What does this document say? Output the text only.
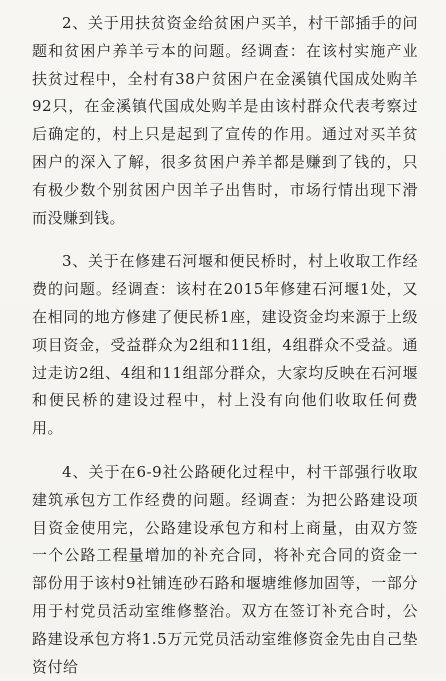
2、关于用扶贫资金给贫困户买羊，村干部插手的问题和贫困户养羊亏本的问题。经调查：在该村实施产业扶贫过程中，全村有38户贫困户在金溪镇代国成处购羊92只，在金溪镇代国成处购羊是由该村群众代表考察过后确定的，村上只是起到了宣传的作用。通过对买羊贫困户的深入了解，很多贫困户养羊都是赚到了钱的，只有极少数个别贫困户因羊子出售时，市场行情出现下滑而没赚到钱。

3、关于在修建石河堰和便民桥时，村上收取工作经费的问题。经调查：该村在2015年修建石河堰1处，又在相同的地方修建了便民桥1座，建设资金均来源于上级项目资金，受益群众为2组和11组，4组群众不受益。通过走访2组、4组和11组部分群众，大家均反映在石河堰和便民桥的建设过程中，村上没有向他们收取任何费用。

4、关于在6-9社公路硬化过程中，村干部强行收取建筑承包方工作经费的问题。经调查：为把公路建设项目资金使用完，公路建设承包方和村上商量，由双方签一个公路工程量增加的补充合同，将补充合同的资金一部份用于该村9社铺连砂石路和堰塘维修加固等，一部分用于村党员活动室维修整治。双方在签订补充合时，公路建设承包方将1.5万元党员活动室维修资金先由自己垫资付给
